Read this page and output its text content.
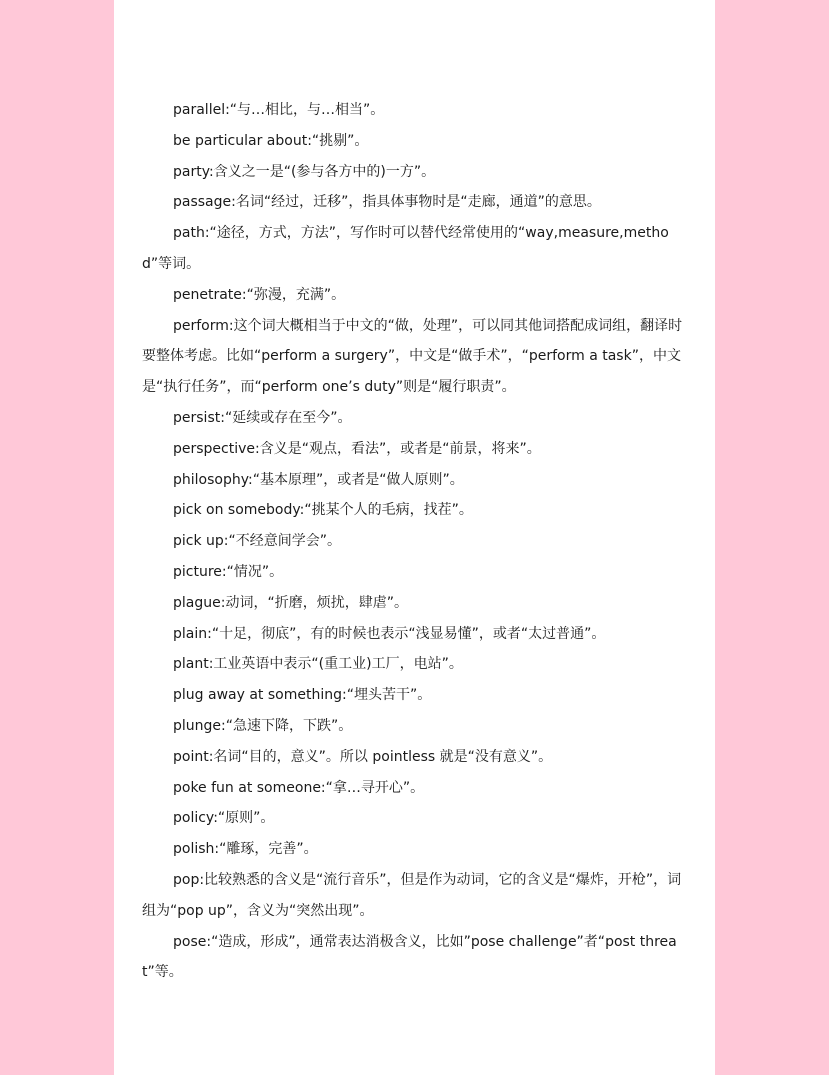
parallel:“与…相比，与…相当”。

be particular about:“挑剔”。

party:含义之一是“(参与各方中的)一方”。

passage:名词“经过，迁移”，指具体事物时是“走廊，通道”的意思。

path:“途径，方式，方法”，写作时可以替代经常使用的“way,measure,method”等词。

penetrate:“弥漫，充满”。

perform:这个词大概相当于中文的“做，处理”，可以同其他词搭配成词组，翻译时要整体考虑。比如“perform a surgery”，中文是“做手术”，“perform a task”，中文是“执行任务”，而“perform one’s duty”则是“履行职责”。

persist:“延续或存在至今”。

perspective:含义是“观点，看法”，或者是“前景，将来”。

philosophy:“基本原理”，或者是“做人原则”。

pick on somebody:“挑某个人的毛病，找茬”。

pick up:“不经意间学会”。

picture:“情况”。

plague:动词，“折磨，烦扰，肆虐”。

plain:“十足，彻底”，有的时候也表示“浅显易懂”，或者“太过普通”。

plant:工业英语中表示“(重工业)工厂，电站”。

plug away at something:“埋头苦干”。

plunge:“急速下降，下跌”。

point:名词“目的，意义”。所以 pointless 就是“没有意义”。

poke fun at someone:“拿…寻开心”。

policy:“原则”。

polish:“雕琢，完善”。

pop:比较熟悉的含义是“流行音乐”，但是作为动词，它的含义是“爆炸，开枪”，词组为“pop up”，含义为“突然出现”。

pose:“造成，形成”，通常表达消极含义，比如”pose challenge”者“post threat”等。
